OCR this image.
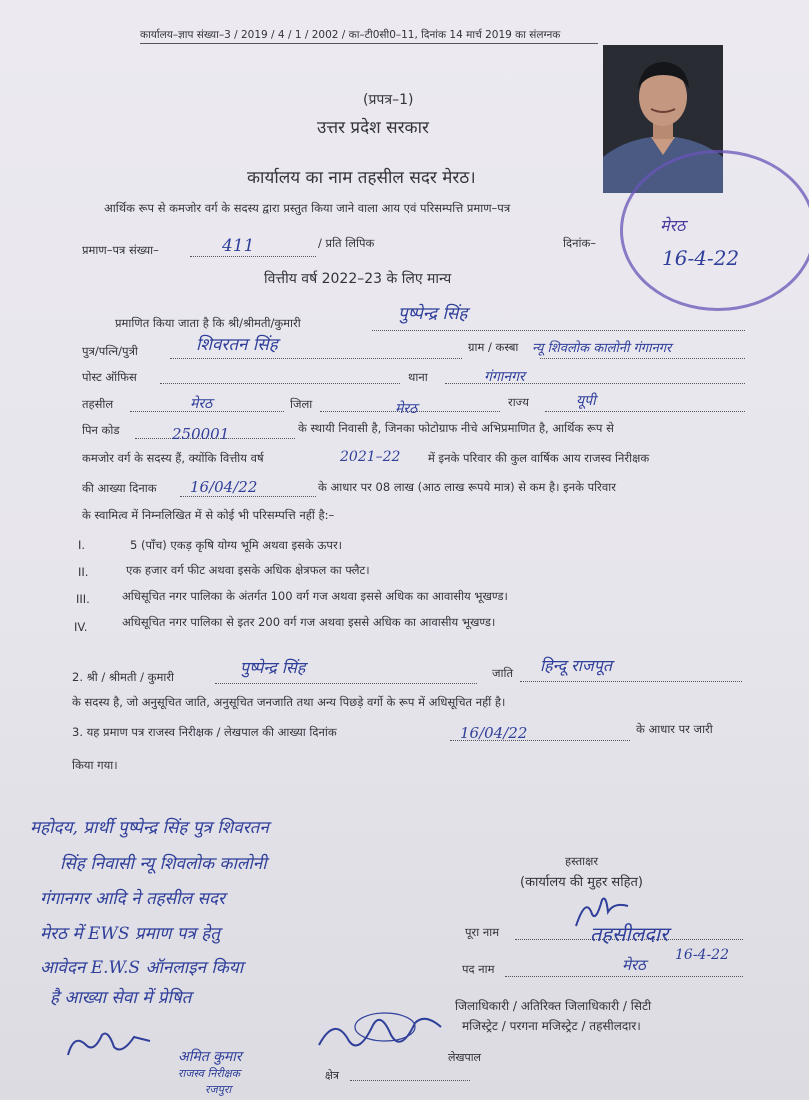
कार्यालय–ज्ञाप संख्या–3 / 2019 / 4 / 1 / 2002 / का–टी0सी0–11, दिनांक 14 मार्च 2019 का संलग्नक
(प्रपत्र–1)
उत्तर प्रदेश सरकार
कार्यालय का नाम तहसील सदर मेरठ।
आर्थिक रूप से कमजोर वर्ग के सदस्य द्वारा प्रस्तुत किया जाने वाला आय एवं परिसम्पत्ति प्रमाण–पत्र
प्रमाण–पत्र संख्या–	411	/ प्रति लिपिक	दिनांक–
16-4-22
मेरठ
वित्तीय वर्ष 2022–23 के लिए मान्य
प्रमाणित किया जाता है कि श्री/श्रीमती/कुमारी	पुष्पेन्द्र सिंह
पुत्र/पत्नि/पुत्री	शिवरतन सिंह	ग्राम / कस्बा न्यू शिवलोक कालोनी गंगानगर
पोस्ट ऑफिस	थाना	गंगानगर
तहसील	मेरठ	जिला	मेरठ	राज्य	यूपी
पिन कोड	250001	के स्थायी निवासी है, जिनका फोटोग्राफ नीचे अभिप्रमाणित है, आर्थिक रूप से
कमजोर वर्ग के सदस्य हैं, क्योंकि वित्तीय वर्ष	2021–22 में इनके परिवार की कुल वार्षिक आय राजस्व निरीक्षक
की आख्या दिनाक 16/04/22	के आधार पर 08 लाख (आठ लाख रूपये मात्र) से कम है। इनके परिवार
के स्वामित्व में निम्नलिखित में से कोई भी परिसम्पत्ति नहीं है:–
I.	5 (पाँच) एकड़ कृषि योग्य भूमि अथवा इसके ऊपर।
II.	एक हजार वर्ग फीट अथवा इसके अधिक क्षेत्रफल का फ्लैट।
III.	अधिसूचित नगर पालिका के अंतर्गत 100 वर्ग गज अथवा इससे अधिक का आवासीय भूखण्ड।
IV.	अधिसूचित नगर पालिका से इतर 200 वर्ग गज अथवा इससे अधिक का आवासीय भूखण्ड।
2. श्री / श्रीमती / कुमारी	पुष्पेन्द्र सिंह	जाति हिन्दू राजपूत
के सदस्य है, जो अनुसूचित जाति, अनुसूचित जनजाति तथा अन्य पिछड़े वर्गो के रूप में अधिसूचित नहीं है।
3. यह प्रमाण पत्र राजस्व निरीक्षक / लेखपाल की आख्या दिनांक	16/04/22	के आधार पर जारी
किया गया।
महोदय, प्रार्थी पुष्पेन्द्र सिंह पुत्र शिवरतन
सिंह निवासी न्यू शिवलोक कालोनी
गंगानगर आदि ने तहसील सदर
मेरठ में EWS प्रमाण पत्र हेतु
आवेदन E.W.S ऑनलाइन किया
है आख्या सेवा में प्रेषित
हस्ताक्षर
(कार्यालय की मुहर सहित)
पूरा नाम	तहसीलदार
पद नाम	मेरठ
16-4-22
जिलाधिकारी / अतिरिक्त जिलाधिकारी / सिटी
मजिस्ट्रेट / परगना मजिस्ट्रेट / तहसीलदार।
अमित कुमार
राजस्व निरीक्षक
रजपुरा
लेखपाल
क्षेत्र
